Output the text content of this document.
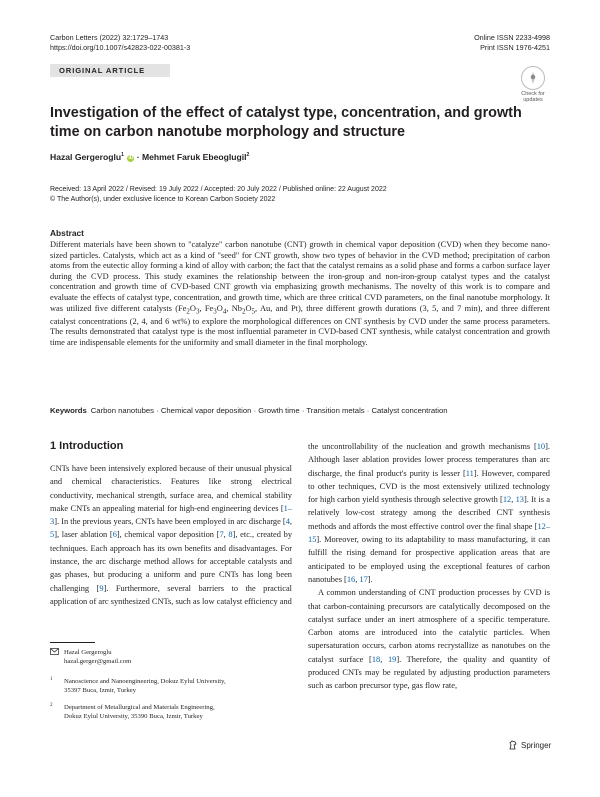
Carbon Letters (2022) 32:1729–1743
https://doi.org/10.1007/s42823-022-00381-3
Online ISSN 2233-4998
Print ISSN 1976-4251
ORIGINAL ARTICLE
Check for
updates
Investigation of the effect of catalyst type, concentration, and growth time on carbon nanotube morphology and structure
Hazal Gergeroglu$^1$ iD · Mehmet Faruk Ebeoglugil$^2$
Received: 13 April 2022 / Revised: 19 July 2022 / Accepted: 20 July 2022 / Published online: 22 August 2022
© The Author(s), under exclusive licence to Korean Carbon Society 2022
Abstract
Different materials have been shown to "catalyze" carbon nanotube (CNT) growth in chemical vapor deposition (CVD) when they become nano-sized particles. Catalysts, which act as a kind of "seed" for CNT growth, show two types of behavior in the CVD method; precipitation of carbon atoms from the eutectic alloy forming a kind of alloy with carbon; the fact that the catalyst remains as a solid phase and forms a carbon surface layer during the CVD process. This study examines the relationship between the iron-group and non-iron-group catalyst types and the catalyst concentration and growth time of CVD-based CNT growth via emphasizing growth mechanisms. The novelty of this work is to compare and evaluate the effects of catalyst type, concentration, and growth time, which are three critical CVD parameters, on the final nanotube morphology. It was utilized five different catalysts ($Fe_2O_3$, $Fe_3O_4$, $Nb_2O_5$, Au, and Pt), three different growth durations (3, 5, and 7 min), and three different catalyst concentrations (2, 4, and 6 wt%) to explore the morphological differences on CNT synthesis by CVD under the same process parameters. The results demonstrated that catalyst type is the most influential parameter in CVD-based CNT synthesis, while catalyst concentration and growth time are indispensable elements for the uniformity and small diameter in the final morphology.
Keywords Carbon nanotubes · Chemical vapor deposition · Growth time · Transition metals · Catalyst concentration
1 Introduction
CNTs have been intensively explored because of their unusual physical and chemical characteristics. Features like strong electrical conductivity, mechanical strength, surface area, and chemical stability make CNTs an appealing material for high-end engineering devices [1–3]. In the previous years, CNTs have been employed in arc discharge [4, 5], laser ablation [6], chemical vapor deposition [7, 8], etc., created by techniques. Each approach has its own benefits and disadvantages. For instance, the arc discharge method allows for acceptable catalysts and gas phases, but producing a uniform and pure CNTs has long been challenging [9]. Furthermore, several barriers to the practical application of arc synthesized CNTs, such as low catalyst efficiency and
the uncontrollability of the nucleation and growth mechanisms [10]. Although laser ablation provides lower process temperatures than arc discharge, the final product's purity is lesser [11]. However, compared to other techniques, CVD is the most extensively utilized technology for high carbon yield synthesis through selective growth [12, 13]. It is a relatively low-cost strategy among the described CNT synthesis methods and affords the most effective control over the final shape [12–15]. Moreover, owing to its adaptability to mass manufacturing, it can fulfill the rising demand for prospective application areas that are anticipated to be employed using the exceptional features of carbon nanotubes [16, 17].
A common understanding of CNT production processes by CVD is that carbon-containing precursors are catalytically decomposed on the catalyst surface under an inert atmosphere of a specific temperature. Carbon atoms are introduced into the catalytic particles. When supersaturation occurs, carbon atoms recrystallize as nanotubes on the catalyst surface [18, 19]. Therefore, the quality and quantity of produced CNTs may be regulated by adjusting production parameters such as carbon precursor type, gas flow rate,
Hazal Gergeroglu
hazal.gerger@gmail.com
1 Nanoscience and Nanoengineering, Dokuz Eylul University,
35397 Buca, Izmir, Turkey
2 Department of Metallurgical and Materials Engineering,
Dokuz Eylul University, 35390 Buca, Izmir, Turkey
Springer
